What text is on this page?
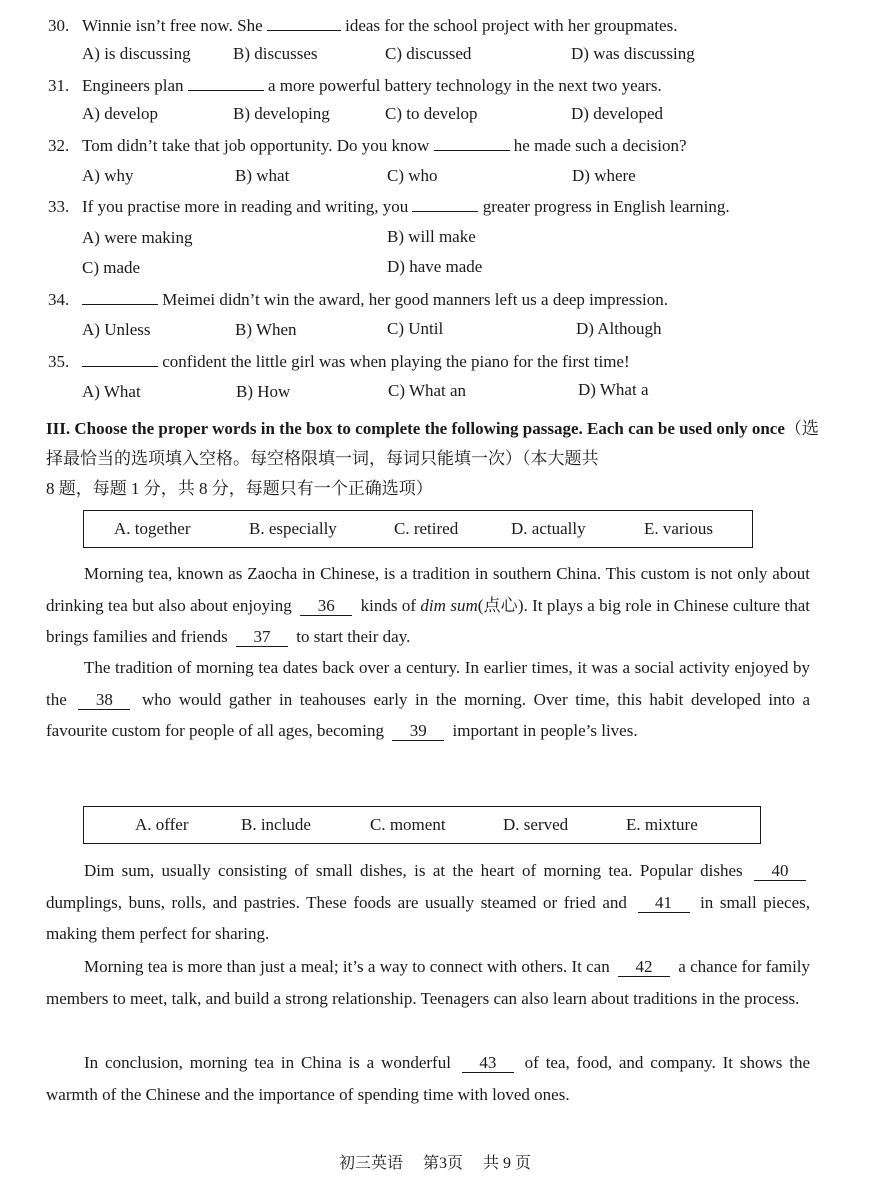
30. Winnie isn’t free now. She	ideas for the school project with her groupmates.
A) is discussing B) discusses	C) discussed	D) was discussing
31. Engineers plan	a more powerful battery technology in the next two years.
A) develop	B) developing	C) to develop	D) developed
32. Tom didn’t take that job opportunity. Do you know	he made such a decision?
A) why	B) what	C) who	D) where
33. If you practise more in reading and writing, you	greater progress in English learning.
A) were making	B) will make
C) made	D) have made
34.	Meimei didn’t win the award, her good manners left us a deep impression.
A) Unless	B) When	C) Until	D) Although
35.	confident the little girl was when playing the piano for the first time!
A) What	B) How	C) What an	D) What a
III. Choose the proper words in the box to complete the following passage. Each can be used only once（选择最恰当的选项填入空格。每空格限填一词，每词只能填一次）（本大题共
8 题，每题 1 分，共 8 分，每题只有一个正确选项）
A. together	B. especially	C. retired	D. actually	E. various
Morning tea, known as Zaocha in Chinese, is a tradition in southern China. This custom is not only about drinking tea but also about enjoying 36 kinds of dim sum(点心). It plays a big role in Chinese culture that brings families and friends 37 to start their day.
The tradition of morning tea dates back over a century. In earlier times, it was a social activity enjoyed by the 38 who would gather in teahouses early in the morning. Over time, this habit developed into a favourite custom for people of all ages, becoming 39 important in people’s lives.
A. offer	B. include	C. moment	D. served	E. mixture
Dim sum, usually consisting of small dishes, is at the heart of morning tea. Popular dishes 40 dumplings, buns, rolls, and pastries. These foods are usually steamed or fried and 41 in small pieces, making them perfect for sharing.
Morning tea is more than just a meal; it’s a way to connect with others. It can 42 a chance for family members to meet, talk, and build a strong relationship. Teenagers can also learn about traditions in the process.
In conclusion, morning tea in China is a wonderful 43 of tea, food, and company. It shows the warmth of the Chinese and the importance of spending time with loved ones.
初三英语 第3页 共 9 页
